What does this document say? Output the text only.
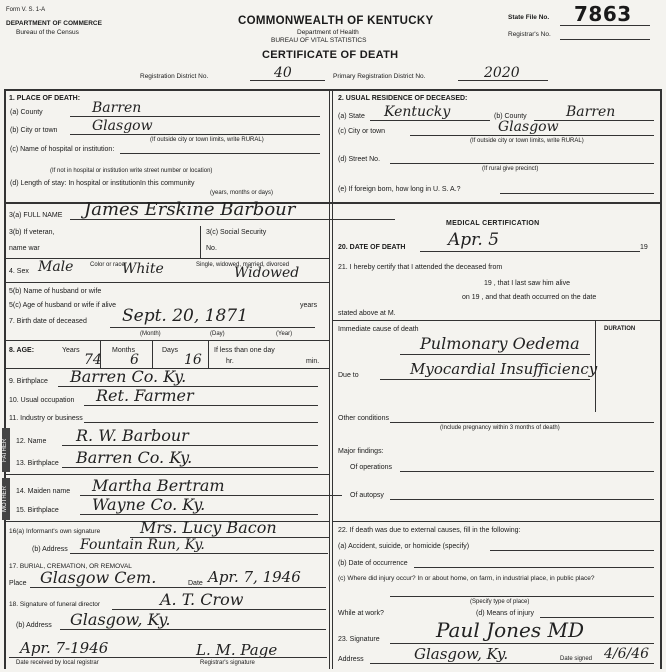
Form V. S. 1-A
DEPARTMENT OF COMMERCE
Bureau of the Census
COMMONWEALTH OF KENTUCKY
Department of Health
BUREAU OF VITAL STATISTICS
CERTIFICATE OF DEATH
State File No. 7863
Registrar's No.
Registration District No.	40	Primary Registration District No.	2020
1. PLACE OF DEATH:
(a) County	Barren
(b) City or town Glasgow
(If outside city or town limits, write RURAL)
(c) Name of hospital or institution:
(If not in hospital or institution write street number or location)
(d) Length of stay: In hospital or institution In this community
(years, months or days)
2. USUAL RESIDENCE OF DECEASED:
(a) State Kentucky	(b) County	Barren
(c) City or town	Glasgow
(If outside city or town limits, write RURAL)
(d) Street No.
(If rural give precinct)
(e) If foreign born, how long in U. S. A.?
3(a) FULL NAME James Erskine Barbour
3(b) If veteran,
name war
3(c) Social Security
No.
4. Sex Male	Color or race
White	Single, widowed, married, divorced
Widowed
5(b) Name of husband or wife
5(c) Age of husband or wife if alive	years
7. Birth date of deceased Sept. 20, 1871
(Month)	(Day)	(Year)
8. AGE:	Years	Months	Days
74 6	16
If less than one day
hr.	min.
9. Birthplace Barren Co. Ky.
10. Usual occupation Ret. Farmer
11. Industry or business
FATHER 12. Name R. W. Barbour
13. Birthplace Barren Co. Ky.
MOTHER 14. Maiden name Martha Bertram
15. Birthplace Wayne Co. Ky.
16(a) Informant's own signature Mrs. Lucy Bacon
(b) Address Fountain Run, Ky.
17. BURIAL, CREMATION, OR REMOVAL
Place Glasgow Cem.	Date Apr. 7, 1946
18. Signature of funeral director	A. T. Crow
(b) Address Glasgow, Ky.
Apr. 7-1946	L. M. Page
Date received by local registrar	Registrar's signature
MEDICAL CERTIFICATION
20. DATE OF DEATH	Apr. 5	19
21. I hereby certify that I attended the deceased from
19 , that I last saw him alive
on 19 , and that death occurred on the date
stated above at M.
Immediate cause of death	DURATION
Pulmonary Oedema
Due to	Myocardial Insufficiency
Other conditions
(Include pregnancy within 3 months of death)
Major findings:
Of operations
Of autopsy
22. If death was due to external causes, fill in the following:
(a) Accident, suicide, or homicide (specify)
(b) Date of occurrence
(c) Where did injury occur? In or about home, on farm, in industrial place, in public place?
(Specify type of place)
While at work?	(d) Means of injury
23. Signature	Paul Jones MD
Address	Glasgow, Ky.	Date signed 4/6/46
